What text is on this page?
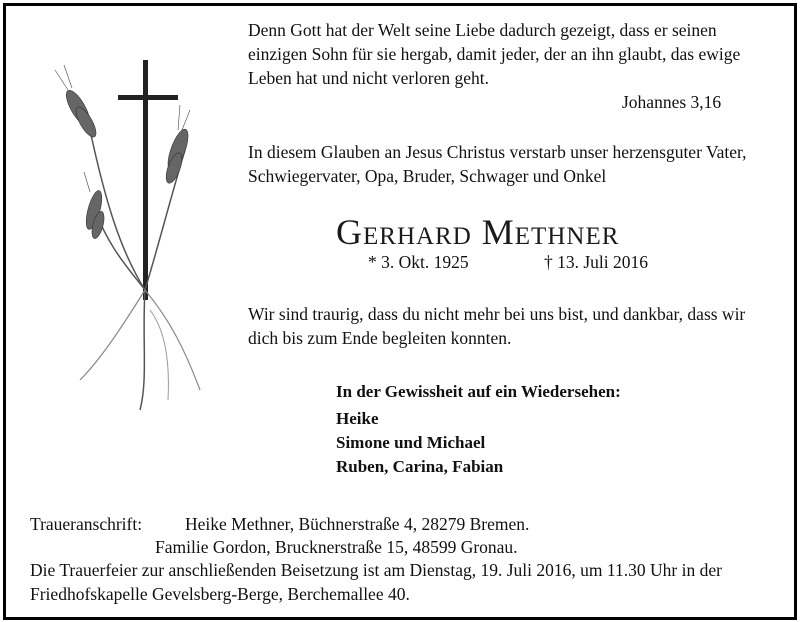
Denn Gott hat der Welt seine Liebe dadurch gezeigt, dass er seinen
einzigen Sohn für sie hergab, damit jeder, der an ihn glaubt, das ewige
Leben hat und nicht verloren geht.
Johannes 3,16
In diesem Glauben an Jesus Christus verstarb unser herzensguter Vater,
Schwiegervater, Opa, Bruder, Schwager und Onkel
Gerhard Methner
* 3. Okt. 1925	† 13. Juli 2016
Wir sind traurig, dass du nicht mehr bei uns bist, und dankbar, dass wir
dich bis zum Ende begleiten konnten.
In der Gewissheit auf ein Wiedersehen:
Heike
Simone und Michael
Ruben, Carina, Fabian
Traueranschrift: Heike Methner, Büchnerstraße 4, 28279 Bremen.
Familie Gordon, Brucknerstraße 15, 48599 Gronau.
Die Trauerfeier zur anschließenden Beisetzung ist am Dienstag, 19. Juli 2016, um 11.30 Uhr in der
Friedhofskapelle Gevelsberg-Berge, Berchemallee 40.
